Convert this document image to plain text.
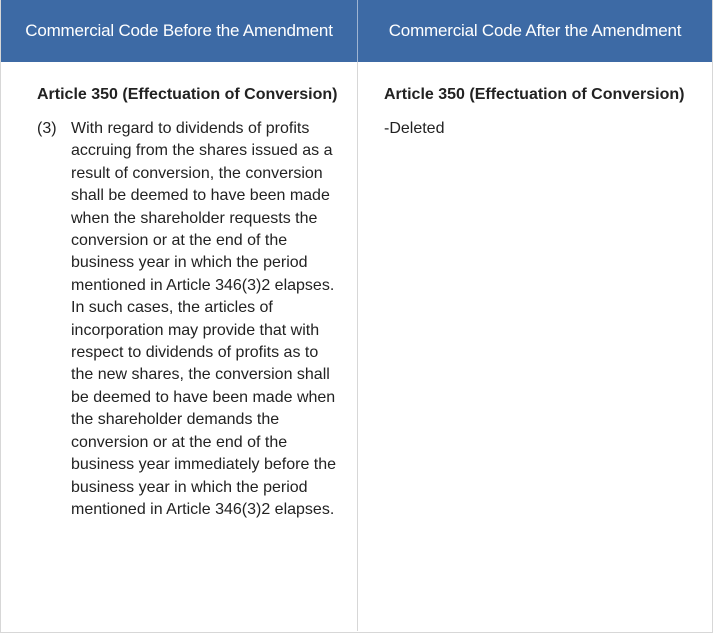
Commercial Code Before the Amendment	Commercial Code After the Amendment
Article 350 (Effectuation of Conversion)
(3) With regard to dividends of profits accruing from the shares issued as a result of conversion, the conversion shall be deemed to have been made when the shareholder requests the conversion or at the end of the business year in which the period mentioned in Article 346(3)2 elapses. In such cases, the articles of incorporation may provide that with respect to dividends of profits as to the new shares, the conversion shall be deemed to have been made when the shareholder demands the conversion or at the end of the business year immediately before the business year in which the period mentioned in Article 346(3)2 elapses.
Article 350 (Effectuation of Conversion)
-Deleted
